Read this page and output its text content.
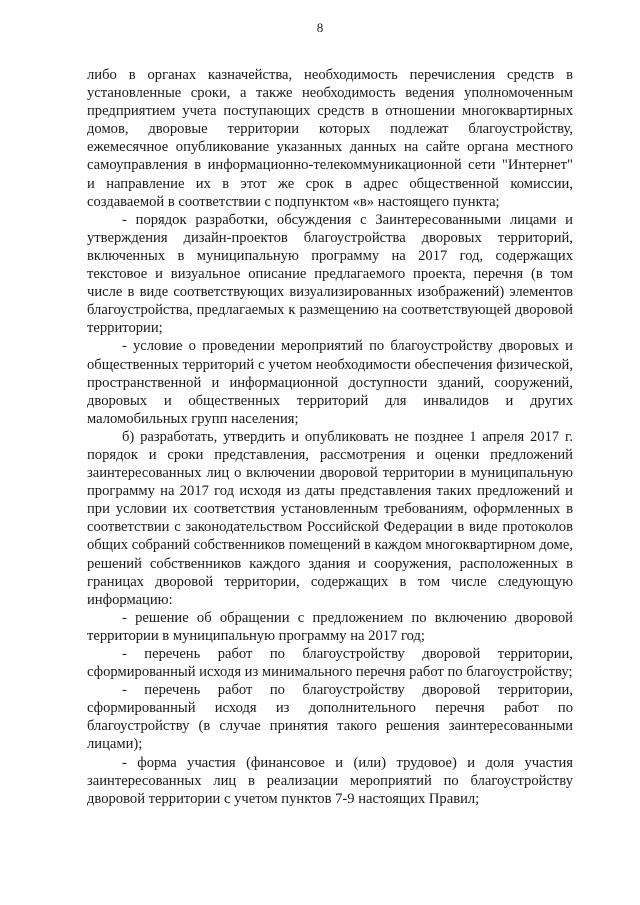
8

либо в органах казначейства, необходимость перечисления средств в установленные сроки, а также необходимость ведения уполномоченным предприятием учета поступающих средств в отношении многоквартирных домов, дворовые территории которых подлежат благоустройству, ежемесячное опубликование указанных данных на сайте органа местного самоуправления в информационно-телекоммуникационной сети "Интернет" и направление их в этот же срок в адрес общественной комиссии, создаваемой в соответствии с подпунктом «в» настоящего пункта;

- порядок разработки, обсуждения с Заинтересованными лицами и утверждения дизайн-проектов благоустройства дворовых территорий, включенных в муниципальную программу на 2017 год, содержащих текстовое и визуальное описание предлагаемого проекта, перечня (в том числе в виде соответствующих визуализированных изображений) элементов благоустройства, предлагаемых к размещению на соответствующей дворовой территории;

- условие о проведении мероприятий по благоустройству дворовых и общественных территорий с учетом необходимости обеспечения физической, пространственной и информационной доступности зданий, сооружений, дворовых и общественных территорий для инвалидов и других маломобильных групп населения;

б) разработать, утвердить и опубликовать не позднее 1 апреля 2017 г. порядок и сроки представления, рассмотрения и оценки предложений заинтересованных лиц о включении дворовой территории в муниципальную программу на 2017 год исходя из даты представления таких предложений и при условии их соответствия установленным требованиям, оформленных в соответствии с законодательством Российской Федерации в виде протоколов общих собраний собственников помещений в каждом многоквартирном доме, решений собственников каждого здания и сооружения, расположенных в границах дворовой территории, содержащих в том числе следующую информацию:

- решение об обращении с предложением по включению дворовой территории в муниципальную программу на 2017 год;

- перечень работ по благоустройству дворовой территории, сформированный исходя из минимального перечня работ по благоустройству;

- перечень работ по благоустройству дворовой территории, сформированный исходя из дополнительного перечня работ по благоустройству (в случае принятия такого решения заинтересованными лицами);

- форма участия (финансовое и (или) трудовое) и доля участия заинтересованных лиц в реализации мероприятий по благоустройству дворовой территории с учетом пунктов 7-9 настоящих Правил;
